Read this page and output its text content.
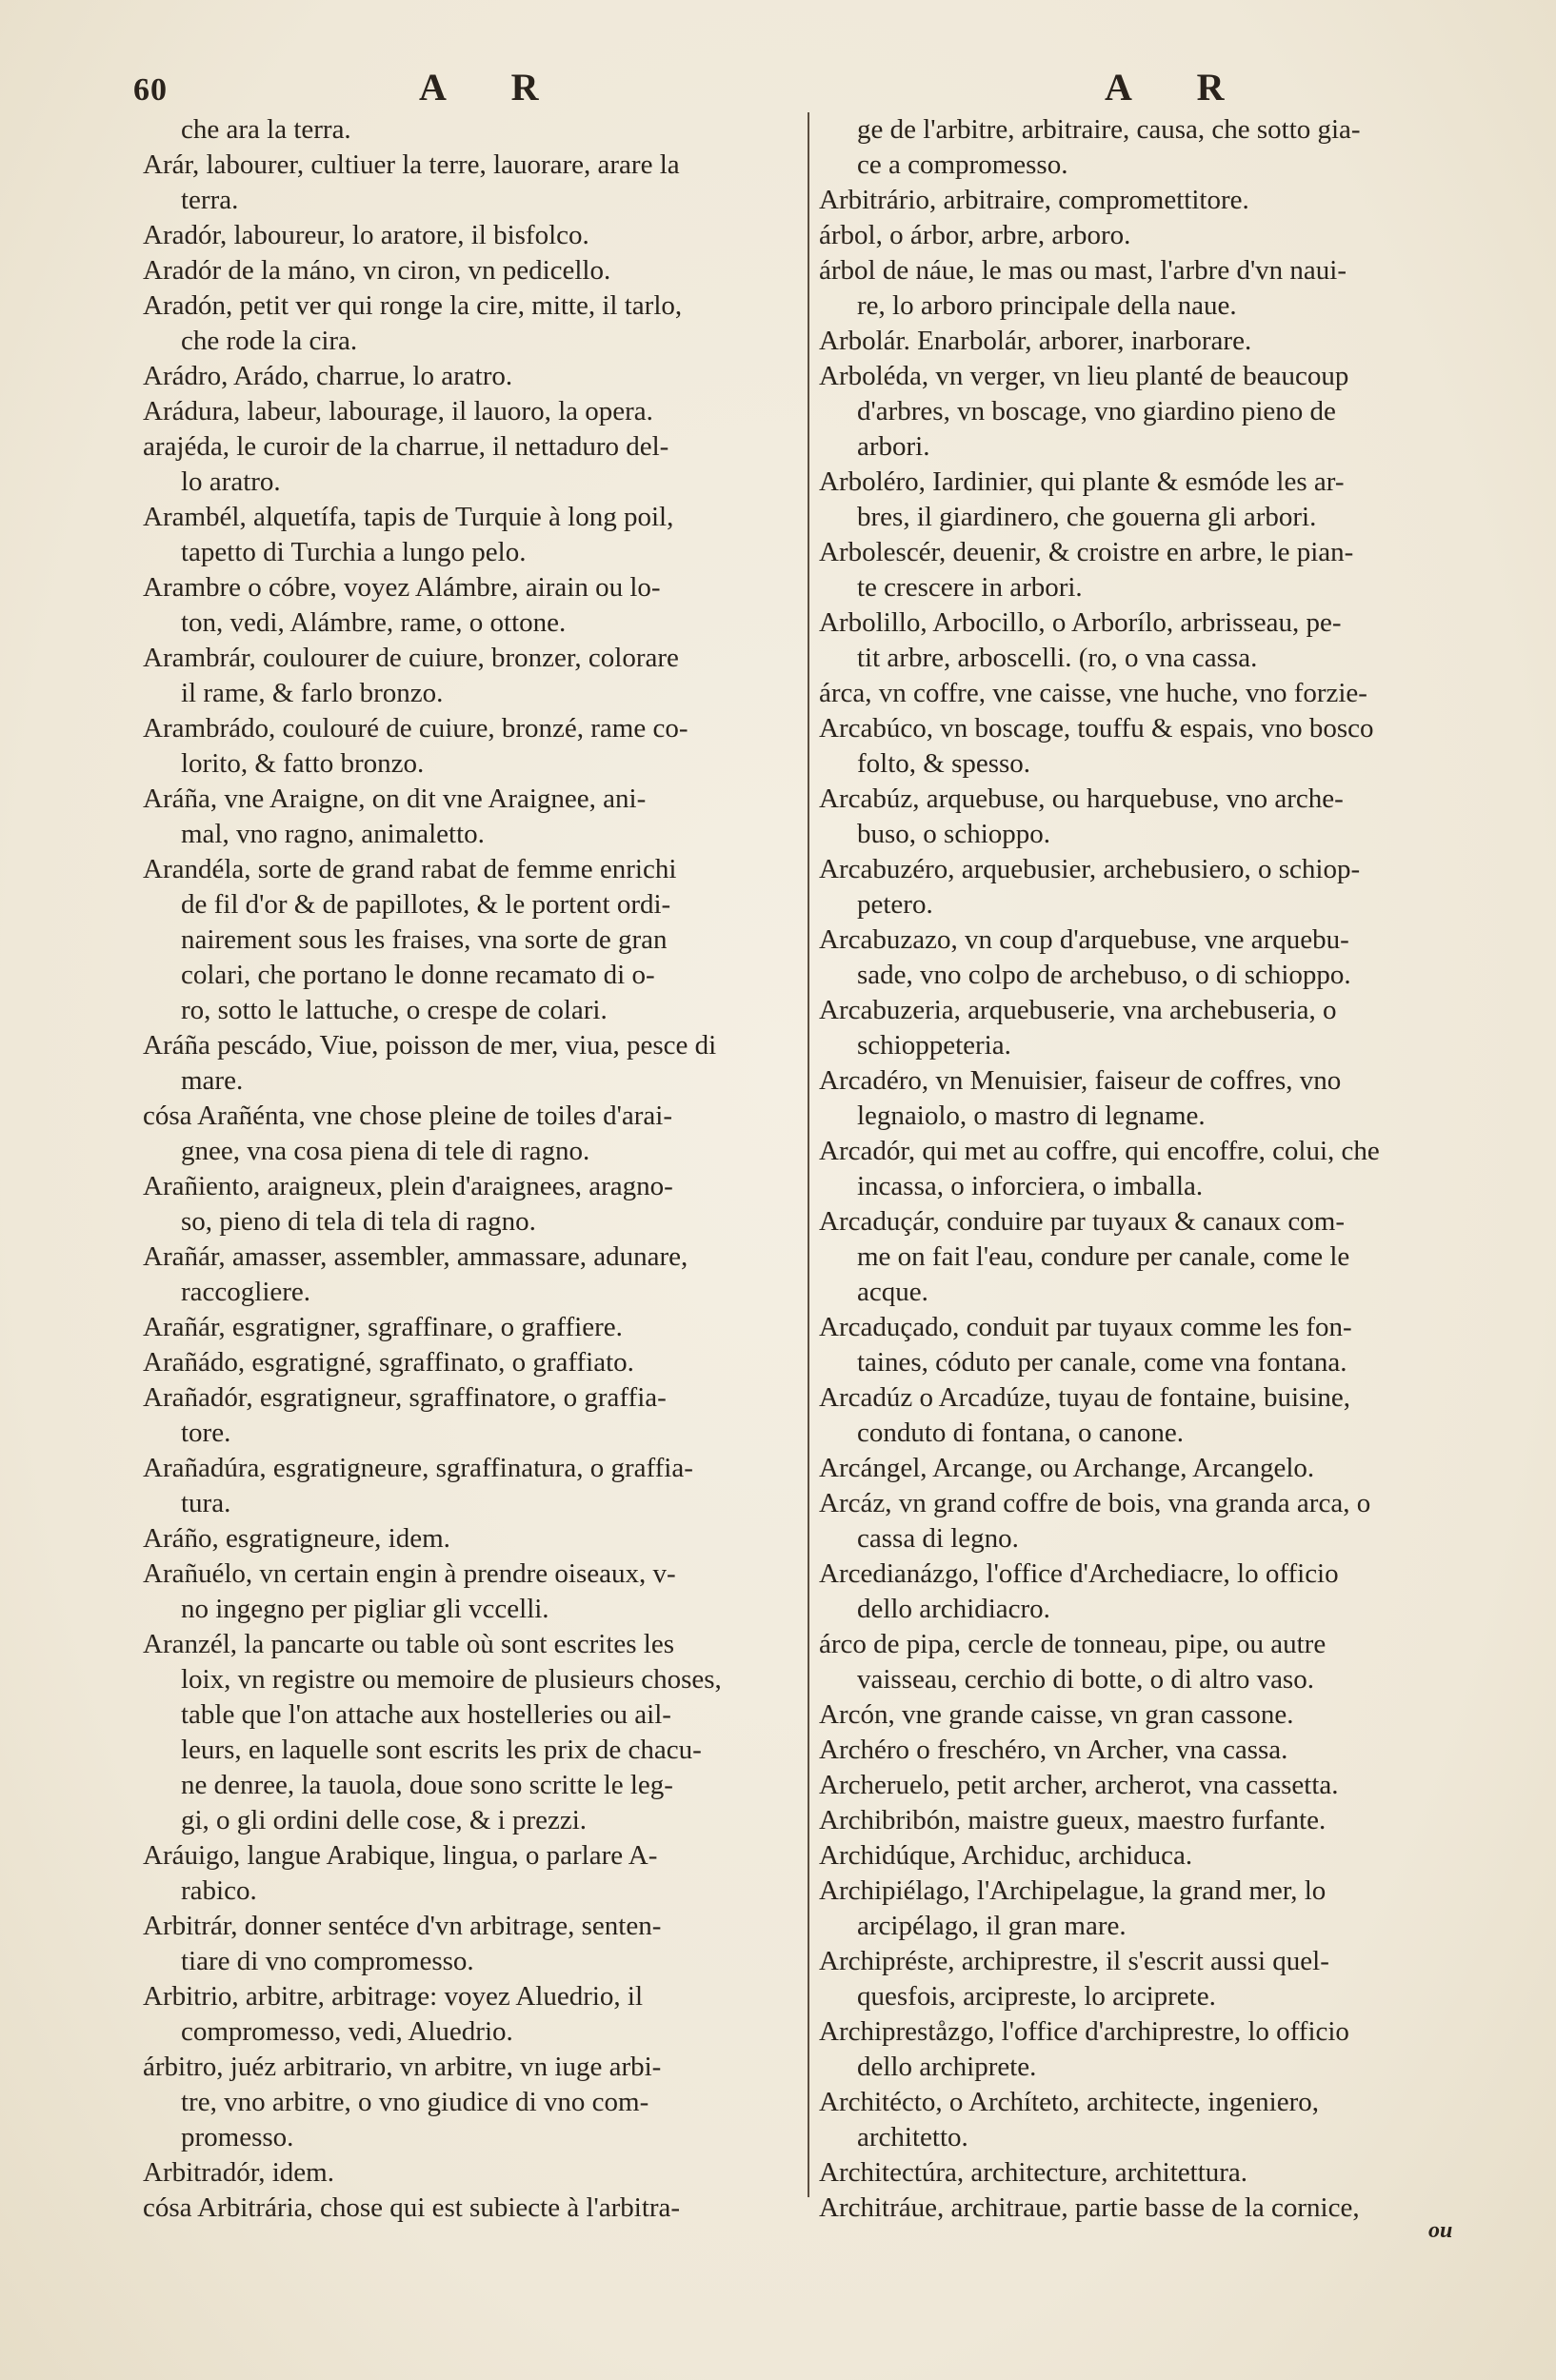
60	A R	A R
che ara la terra.
Arár, labourer, cultiuer la terre, lauorare, arare la
terra.
Aradór, laboureur, lo aratore, il bisfolco.
Aradór de la máno, vn ciron, vn pedicello.
Aradón, petit ver qui ronge la cire, mitte, il tarlo,
che rode la cira.
Arádro, Arádo, charrue, lo aratro.
Arádura, labeur, labourage, il lauoro, la opera.
arajéda, le curoir de la charrue, il nettaduro del-
lo aratro.
Arambél, alquetífa, tapis de Turquie à long poil,
tapetto di Turchia a lungo pelo.
Arambre o cóbre, voyez Alámbre, airain ou lo-
ton, vedi, Alámbre, rame, o ottone.
Arambrár, coulourer de cuiure, bronzer, colorare
il rame, & farlo bronzo.
Arambrádo, coulouré de cuiure, bronzé, rame co-
lorito, & fatto bronzo.
Aráña, vne Araigne, on dit vne Araignee, ani-
mal, vno ragno, animaletto.
Arandéla, sorte de grand rabat de femme enrichi
de fil d'or & de papillotes, & le portent ordi-
nairement sous les fraises, vna sorte de gran
colari, che portano le donne recamato di o-
ro, sotto le lattuche, o crespe de colari.
Aráña pescádo, Viue, poisson de mer, viua, pesce di
mare.
cósa Arañénta, vne chose pleine de toiles d'arai-
gnee, vna cosa piena di tele di ragno.
Arañiento, araigneux, plein d'araignees, aragno-
so, pieno di tela di tela di ragno.
Arañár, amasser, assembler, ammassare, adunare,
raccogliere.
Arañár, esgratigner, sgraffinare, o graffiere.
Arañádo, esgratigné, sgraffinato, o graffiato.
Arañadór, esgratigneur, sgraffinatore, o graffia-
tore.
Arañadúra, esgratigneure, sgraffinatura, o graffia-
tura.
Aráño, esgratigneure, idem.
Arañuélo, vn certain engin à prendre oiseaux, v-
no ingegno per pigliar gli vccelli.
Aranzél, la pancarte ou table où sont escrites les
loix, vn registre ou memoire de plusieurs choses,
table que l'on attache aux hostelleries ou ail-
leurs, en laquelle sont escrits les prix de chacu-
ne denree, la tauola, doue sono scritte le leg-
gi, o gli ordini delle cose, & i prezzi.
Aráuigo, langue Arabique, lingua, o parlare A-
rabico.
Arbitrár, donner sentéce d'vn arbitrage, senten-
tiare di vno compromesso.
Arbitrio, arbitre, arbitrage: voyez Aluedrio, il
compromesso, vedi, Aluedrio.
árbitro, juéz arbitrario, vn arbitre, vn iuge arbi-
tre, vno arbitre, o vno giudice di vno com-
promesso.
Arbitradór, idem.
cósa Arbitrária, chose qui est subiecte à l'arbitra-
ge de l'arbitre, arbitraire, causa, che sotto gia-
ce a compromesso.
Arbitrário, arbitraire, compromettitore.
árbol, o árbor, arbre, arboro.
árbol de náue, le mas ou mast, l'arbre d'vn naui-
re, lo arboro principale della naue.
Arbolár. Enarbolár, arborer, inarborare.
Arboléda, vn verger, vn lieu planté de beaucoup
d'arbres, vn boscage, vno giardino pieno de
arbori.
Arboléro, Iardinier, qui plante & esmóde les ar-
bres, il giardinero, che gouerna gli arbori.
Arbolescér, deuenir, & croistre en arbre, le pian-
te crescere in arbori.
Arbolillo, Arbocillo, o Arborílo, arbrisseau, pe-
tit arbre, arboscelli. (ro, o vna cassa.
árca, vn coffre, vne caisse, vne huche, vno forzie-
Arcabúco, vn boscage, touffu & espais, vno bosco
folto, & spesso.
Arcabúz, arquebuse, ou harquebuse, vno arche-
buso, o schioppo.
Arcabuzéro, arquebusier, archebusiero, o schiop-
petero.
Arcabuzazo, vn coup d'arquebuse, vne arquebu-
sade, vno colpo de archebuso, o di schioppo.
Arcabuzeria, arquebuserie, vna archebuseria, o
schioppeteria.
Arcadéro, vn Menuisier, faiseur de coffres, vno
legnaiolo, o mastro di legname.
Arcadór, qui met au coffre, qui encoffre, colui, che
incassa, o inforciera, o imballa.
Arcaduçár, conduire par tuyaux & canaux com-
me on fait l'eau, condure per canale, come le
acque.
Arcaduçado, conduit par tuyaux comme les fon-
taines, códuto per canale, come vna fontana.
Arcadúz o Arcadúze, tuyau de fontaine, buisine,
conduto di fontana, o canone.
Arcángel, Arcange, ou Archange, Arcangelo.
Arcáz, vn grand coffre de bois, vna granda arca, o
cassa di legno.
Arcedianázgo, l'office d'Archediacre, lo officio
dello archidiacro.
árco de pipa, cercle de tonneau, pipe, ou autre
vaisseau, cerchio di botte, o di altro vaso.
Arcón, vne grande caisse, vn gran cassone.
Archéro o freschéro, vn Archer, vna cassa.
Archeruelo, petit archer, archerot, vna cassetta.
Archibribón, maistre gueux, maestro furfante.
Archidúque, Archiduc, archiduca.
Archipiélago, l'Archipelague, la grand mer, lo
arcipélago, il gran mare.
Archipréste, archiprestre, il s'escrit aussi quel-
quesfois, arcipreste, lo arciprete.
Archipreståzgo, l'office d'archiprestre, lo officio
dello archiprete.
Architécto, o Archíteto, architecte, ingeniero,
architetto.
Architectúra, architecture, architettura.
Architráue, architraue, partie basse de la cornice,
ou
